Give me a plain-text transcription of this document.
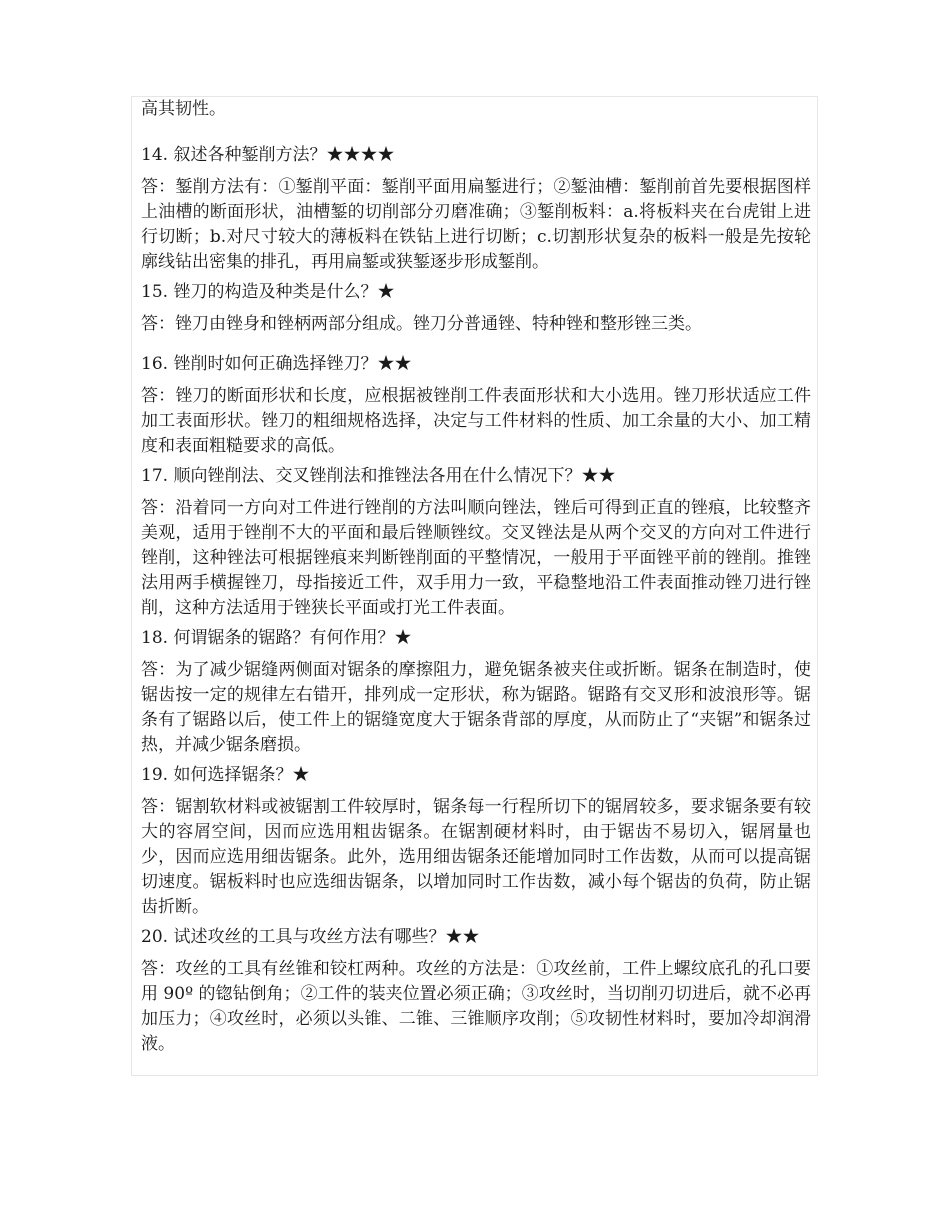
高其韧性。

14. 叙述各种錾削方法？★★★★

答：錾削方法有：①錾削平面：錾削平面用扁錾进行；②錾油槽：錾削前首先要根据图样上油槽的断面形状，油槽錾的切削部分刃磨准确；③錾削板料：a.将板料夹在台虎钳上进行切断；b.对尺寸较大的薄板料在铁钻上进行切断；c.切割形状复杂的板料一般是先按轮廓线钻出密集的排孔，再用扁錾或狭錾逐步形成錾削。

15. 锉刀的构造及种类是什么？★

答：锉刀由锉身和锉柄两部分组成。锉刀分普通锉、特种锉和整形锉三类。

16. 锉削时如何正确选择锉刀？★★

答：锉刀的断面形状和长度，应根据被锉削工件表面形状和大小选用。锉刀形状适应工件加工表面形状。锉刀的粗细规格选择，决定与工件材料的性质、加工余量的大小、加工精度和表面粗糙要求的高低。

17. 顺向锉削法、交叉锉削法和推锉法各用在什么情况下？★★

答：沿着同一方向对工件进行锉削的方法叫顺向锉法，锉后可得到正直的锉痕，比较整齐美观，适用于锉削不大的平面和最后锉顺锉纹。交叉锉法是从两个交叉的方向对工件进行锉削，这种锉法可根据锉痕来判断锉削面的平整情况，一般用于平面锉平前的锉削。推锉法用两手横握锉刀，母指接近工件，双手用力一致，平稳整地沿工件表面推动锉刀进行锉削，这种方法适用于锉狭长平面或打光工件表面。

18. 何谓锯条的锯路？有何作用？★

答：为了减少锯缝两侧面对锯条的摩擦阻力，避免锯条被夹住或折断。锯条在制造时，使锯齿按一定的规律左右错开，排列成一定形状，称为锯路。锯路有交叉形和波浪形等。锯条有了锯路以后，使工件上的锯缝宽度大于锯条背部的厚度，从而防止了“夹锯”和锯条过热，并减少锯条磨损。

19. 如何选择锯条？★

答：锯割软材料或被锯割工件较厚时，锯条每一行程所切下的锯屑较多，要求锯条要有较大的容屑空间，因而应选用粗齿锯条。在锯割硬材料时，由于锯齿不易切入，锯屑量也少，因而应选用细齿锯条。此外，选用细齿锯条还能增加同时工作齿数，从而可以提高锯切速度。锯板料时也应选细齿锯条，以增加同时工作齿数，减小每个锯齿的负荷，防止锯齿折断。

20. 试述攻丝的工具与攻丝方法有哪些？★★

答：攻丝的工具有丝锥和铰杠两种。攻丝的方法是：①攻丝前，工件上螺纹底孔的孔口要用 90º 的锪钻倒角；②工件的装夹位置必须正确；③攻丝时，当切削刃切进后，就不必再加压力；④攻丝时，必须以头锥、二锥、三锥顺序攻削；⑤攻韧性材料时，要加冷却润滑液。
